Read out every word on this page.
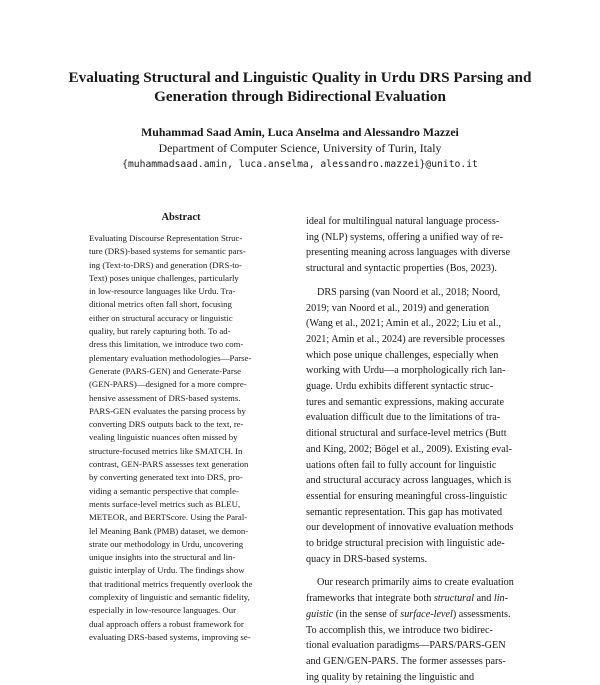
Evaluating Structural and Linguistic Quality in Urdu DRS Parsing and
Generation through Bidirectional Evaluation
Muhammad Saad Amin, Luca Anselma and Alessandro Mazzei
Department of Computer Science, University of Turin, Italy
{muhammadsaad.amin, luca.anselma, alessandro.mazzei}@unito.it
Abstract
Evaluating Discourse Representation Struc-
ture (DRS)-based systems for semantic pars-
ing (Text-to-DRS) and generation (DRS-to-
Text) poses unique challenges, particularly
in low-resource languages like Urdu. Tra-
ditional metrics often fall short, focusing
either on structural accuracy or linguistic
quality, but rarely capturing both. To ad-
dress this limitation, we introduce two com-
plementary evaluation methodologies—Parse-
Generate (PARS-GEN) and Generate-Parse
(GEN-PARS)—designed for a more compre-
hensive assessment of DRS-based systems.
PARS-GEN evaluates the parsing process by
converting DRS outputs back to the text, re-
vealing linguistic nuances often missed by
structure-focused metrics like SMATCH. In
contrast, GEN-PARS assesses text generation
by converting generated text into DRS, pro-
viding a semantic perspective that comple-
ments surface-level metrics such as BLEU,
METEOR, and BERTScore. Using the Paral-
lel Meaning Bank (PMB) dataset, we demon-
strate our methodology in Urdu, uncovering
unique insights into the structural and lin-
guistic interplay of Urdu. The findings show
that traditional metrics frequently overlook the
complexity of linguistic and semantic fidelity,
especially in low-resource languages. Our
dual approach offers a robust framework for
evaluating DRS-based systems, improving se-
ideal for multilingual natural language process-
ing (NLP) systems, offering a unified way of re-
presenting meaning across languages with diverse
structural and syntactic properties (Bos, 2023).
DRS parsing (van Noord et al., 2018; Noord,
2019; van Noord et al., 2019) and generation
(Wang et al., 2021; Amin et al., 2022; Liu et al.,
2021; Amin et al., 2024) are reversible processes
which pose unique challenges, especially when
working with Urdu—a morphologically rich lan-
guage. Urdu exhibits different syntactic struc-
tures and semantic expressions, making accurate
evaluation difficult due to the limitations of tra-
ditional structural and surface-level metrics (Butt
and King, 2002; Bögel et al., 2009). Existing eval-
uations often fail to fully account for linguistic
and structural accuracy across languages, which is
essential for ensuring meaningful cross-linguistic
semantic representation. This gap has motivated
our development of innovative evaluation methods
to bridge structural precision with linguistic ade-
quacy in DRS-based systems.
Our research primarily aims to create evaluation
frameworks that integrate both structural and lin-
guistic (in the sense of surface-level) assessments.
To accomplish this, we introduce two bidirec-
tional evaluation paradigms—PARS/PARS-GEN
and GEN/GEN-PARS. The former assesses pars-
ing quality by retaining the linguistic and
